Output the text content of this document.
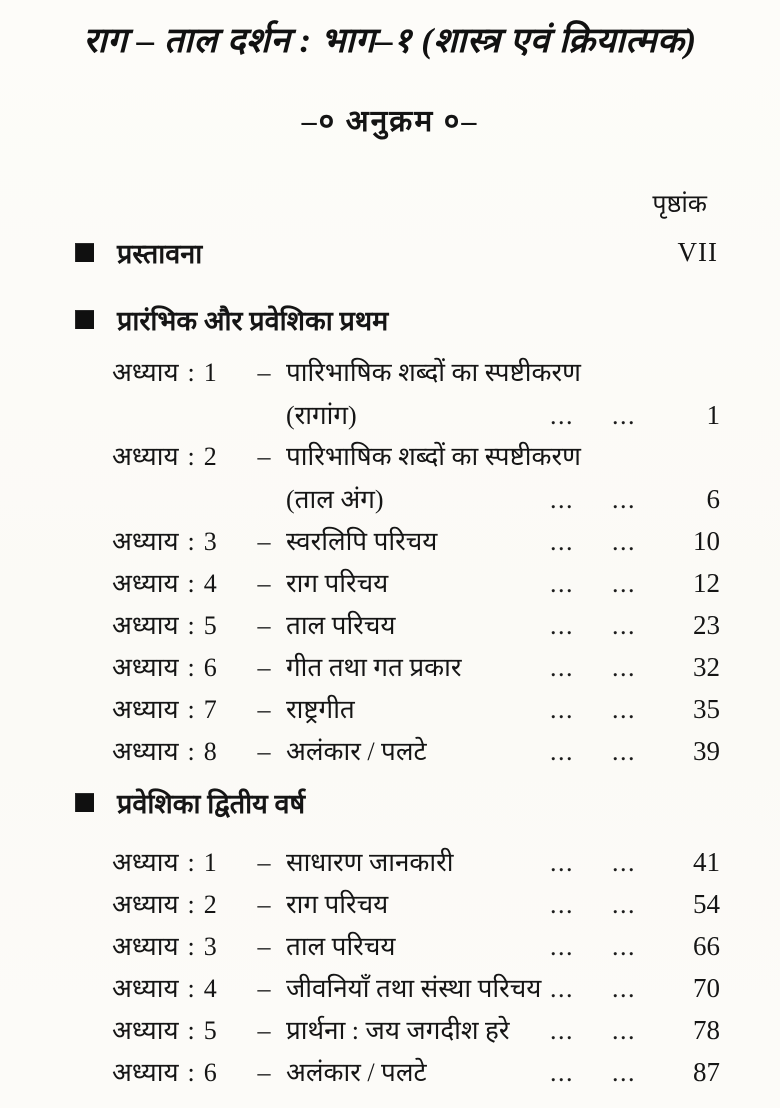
राग – ताल दर्शन : भाग–१ (शास्त्र एवं क्रियात्मक)
–० अनुक्रम ०–
पृष्ठांक
प्रस्तावना	VII
प्रारंभिक और प्रवेशिका प्रथम
अध्याय : 1	– पारिभाषिक शब्दों का स्पष्टीकरण
(रागांग)	...	...	1
अध्याय : 2	– पारिभाषिक शब्दों का स्पष्टीकरण
(ताल अंग)	...	...	6
अध्याय : 3	– स्वरलिपि परिचय	...	...	10
अध्याय : 4	– राग परिचय	...	...	12
अध्याय : 5	– ताल परिचय	...	...	23
अध्याय : 6	– गीत तथा गत प्रकार	...	...	32
अध्याय : 7	– राष्ट्रगीत	...	...	35
अध्याय : 8	– अलंकार / पलटे	...	...	39
प्रवेशिका द्वितीय वर्ष
अध्याय : 1	– साधारण जानकारी	...	...	41
अध्याय : 2	– राग परिचय	...	...	54
अध्याय : 3	– ताल परिचय	...	...	66
अध्याय : 4	– जीवनियाँ तथा संस्था परिचय ...	...	70
अध्याय : 5	– प्रार्थना : जय जगदीश हरे	...	...	78
अध्याय : 6	– अलंकार / पलटे	...	...	87
